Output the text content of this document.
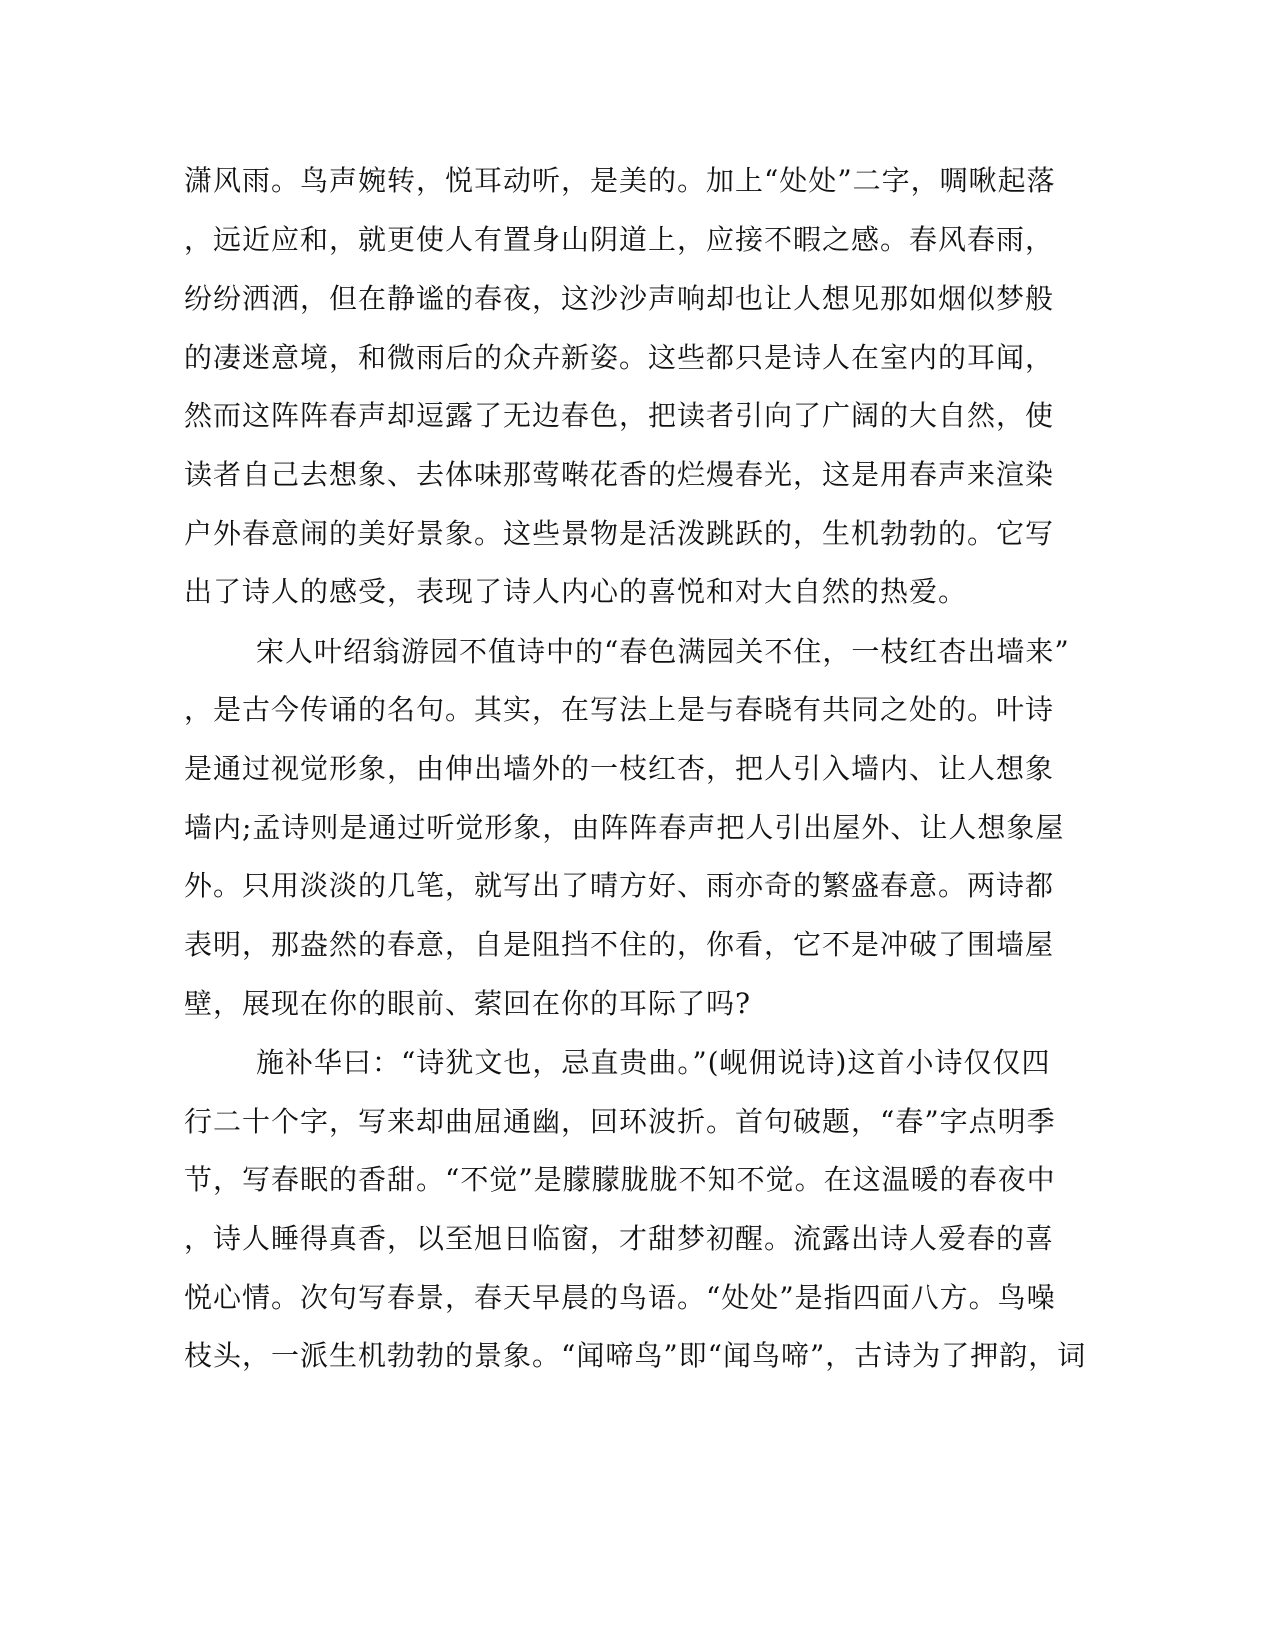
潇风雨。鸟声婉转，悦耳动听，是美的。加上“处处”二字，啁啾起落
，远近应和，就更使人有置身山阴道上，应接不暇之感。春风春雨，
纷纷洒洒，但在静谧的春夜，这沙沙声响却也让人想见那如烟似梦般
的凄迷意境，和微雨后的众卉新姿。这些都只是诗人在室内的耳闻，
然而这阵阵春声却逗露了无边春色，把读者引向了广阔的大自然，使
读者自己去想象、去体味那莺啭花香的烂熳春光，这是用春声来渲染
户外春意闹的美好景象。这些景物是活泼跳跃的，生机勃勃的。它写
出了诗人的感受，表现了诗人内心的喜悦和对大自然的热爱。
宋人叶绍翁游园不值诗中的“春色满园关不住，一枝红杏出墙来”
，是古今传诵的名句。其实，在写法上是与春晓有共同之处的。叶诗
是通过视觉形象，由伸出墙外的一枝红杏，把人引入墙内、让人想象
墙内;孟诗则是通过听觉形象，由阵阵春声把人引出屋外、让人想象屋
外。只用淡淡的几笔，就写出了晴方好、雨亦奇的繁盛春意。两诗都
表明，那盎然的春意，自是阻挡不住的，你看，它不是冲破了围墙屋
壁，展现在你的眼前、萦回在你的耳际了吗?
施补华曰：“诗犹文也，忌直贵曲。”(岘佣说诗)这首小诗仅仅四
行二十个字，写来却曲屈通幽，回环波折。首句破题，“春”字点明季
节，写春眠的香甜。“不觉”是朦朦胧胧不知不觉。在这温暖的春夜中
，诗人睡得真香，以至旭日临窗，才甜梦初醒。流露出诗人爱春的喜
悦心情。次句写春景，春天早晨的鸟语。“处处”是指四面八方。鸟噪
枝头，一派生机勃勃的景象。“闻啼鸟”即“闻鸟啼”，古诗为了押韵，词
